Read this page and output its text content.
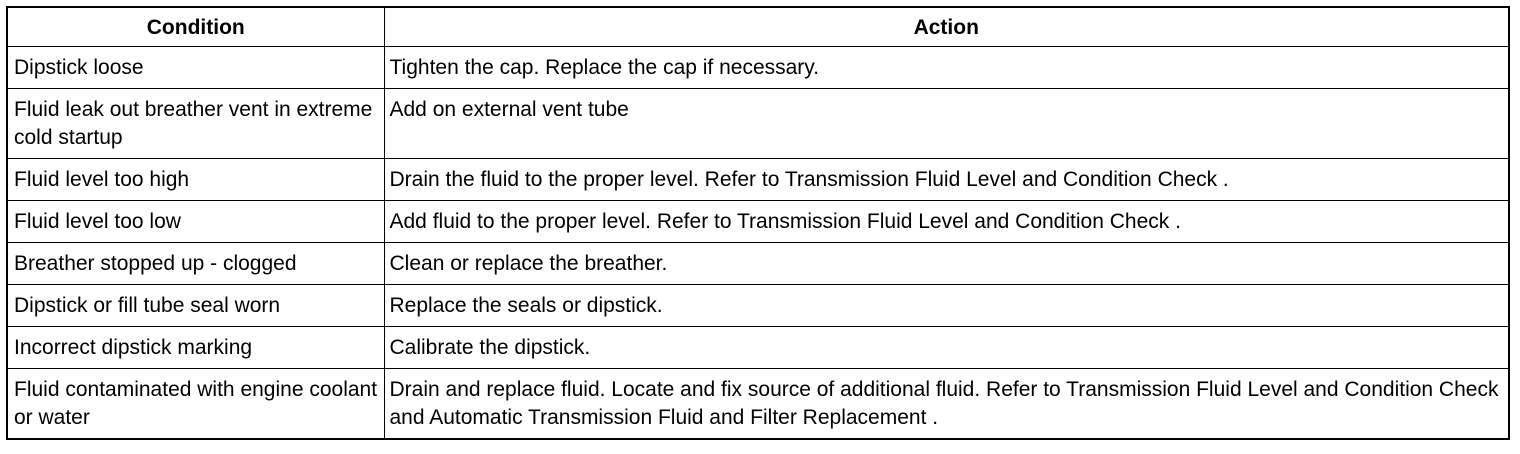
Condition	Action
Dipstick loose	Tighten the cap. Replace the cap if necessary.
Fluid leak out breather vent in extreme cold startup	Add on external vent tube
Fluid level too high	Drain the fluid to the proper level. Refer to Transmission Fluid Level and Condition Check .
Fluid level too low	Add fluid to the proper level. Refer to Transmission Fluid Level and Condition Check .
Breather stopped up - clogged	Clean or replace the breather.
Dipstick or fill tube seal worn	Replace the seals or dipstick.
Incorrect dipstick marking	Calibrate the dipstick.
Fluid contaminated with engine coolant or water	Drain and replace fluid. Locate and fix source of additional fluid. Refer to Transmission Fluid Level and Condition Check and Automatic Transmission Fluid and Filter Replacement .
